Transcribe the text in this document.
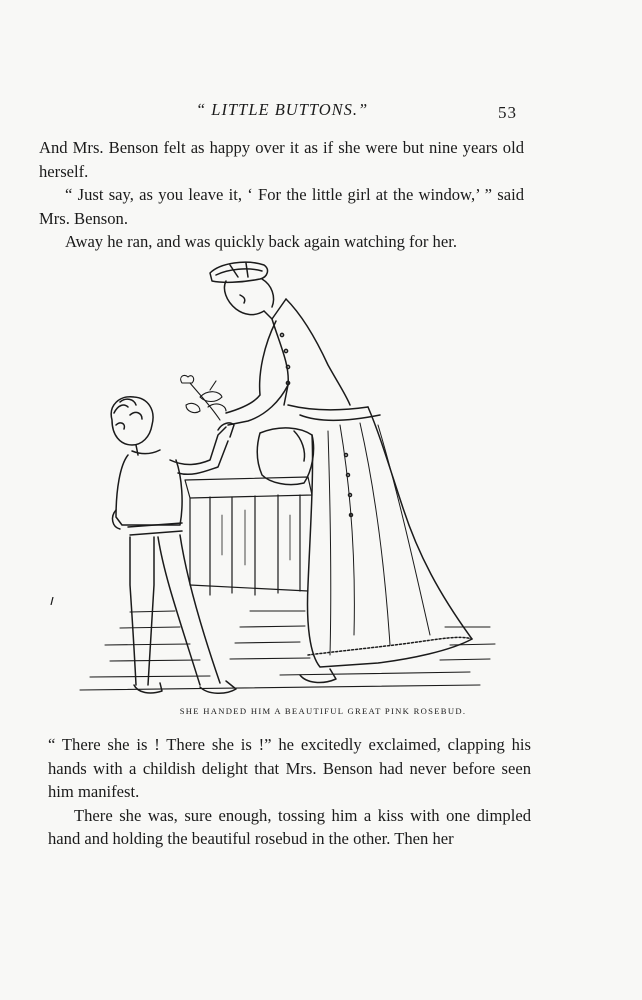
“ LITTLE BUTTONS.”	53

And Mrs. Benson felt as happy over it as if she were but nine years old herself.

“ Just say, as you leave it, ‘ For the little girl at the window,’ ” said Mrs. Benson.

Away he ran, and was quickly back again watching for her.

SHE HANDED HIM A BEAUTIFUL GREAT PINK ROSEBUD.

“ There she is ! There she is !” he excitedly exclaimed, clapping his hands with a childish delight that Mrs. Benson had never before seen him manifest.

There she was, sure enough, tossing him a kiss with one dimpled hand and holding the beautiful rosebud in the other. Then her
